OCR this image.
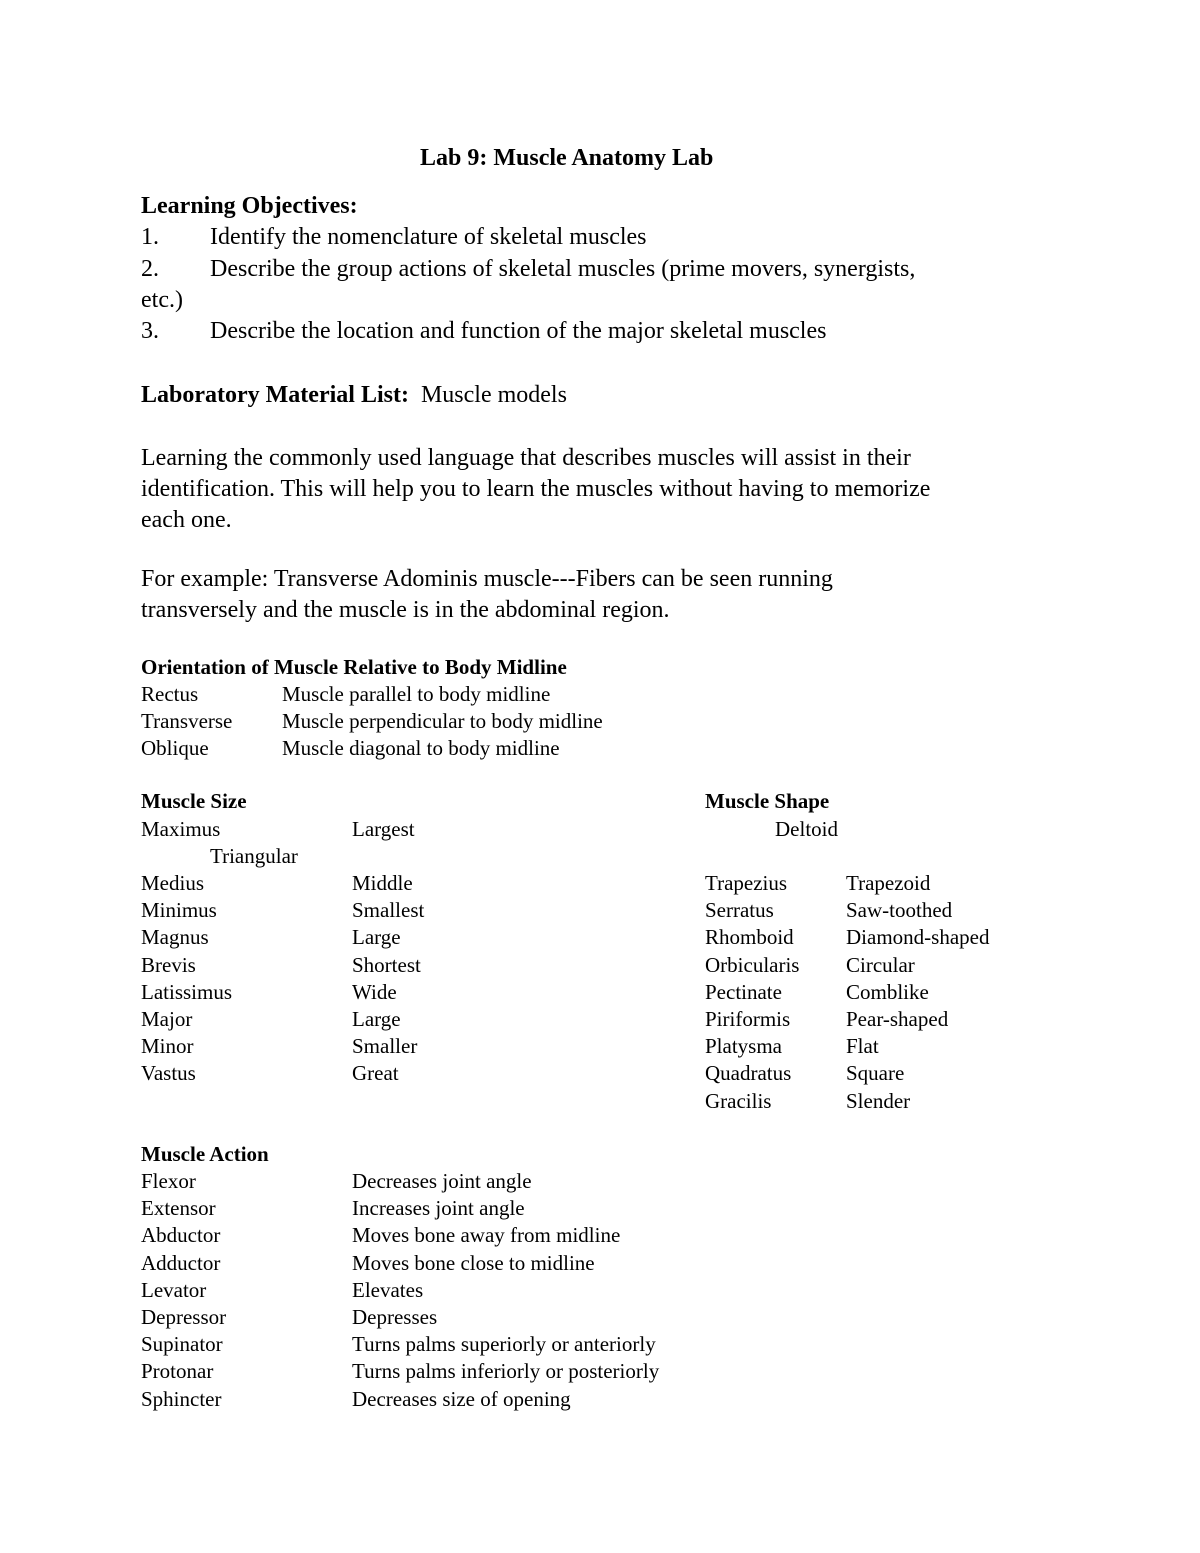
Lab 9: Muscle Anatomy Lab
Learning Objectives:
1. Identify the nomenclature of skeletal muscles
2. Describe the group actions of skeletal muscles (prime movers, synergists,
etc.)
3. Describe the location and function of the major skeletal muscles
Laboratory Material List: Muscle models
Learning the commonly used language that describes muscles will assist in their
identification. This will help you to learn the muscles without having to memorize
each one.
For example: Transverse Adominis muscle---Fibers can be seen running
transversely and the muscle is in the abdominal region.
Orientation of Muscle Relative to Body Midline
Rectus	Muscle parallel to body midline
Transverse Muscle perpendicular to body midline
Oblique	Muscle diagonal to body midline
Muscle Size
Maximus	Largest
Medius	Middle
Minimus	Smallest
Magnus	Large
Brevis	Shortest
Latissimus	Wide
Major	Large
Minor	Smaller
Vastus	Great
Muscle Shape
Deltoid
Triangular
Trapezius	Trapezoid
Serratus	Saw-toothed
Rhomboid Diamond-shaped
Orbicularis Circular
Pectinate	Comblike
Piriformis	Pear-shaped
Platysma	Flat
Quadratus	Square
Gracilis	Slender
Muscle Action
Flexor	Decreases joint angle
Extensor	Increases joint angle
Abductor	Moves bone away from midline
Adductor	Moves bone close to midline
Levator	Elevates
Depressor	Depresses
Supinator	Turns palms superiorly or anteriorly
Protonar	Turns palms inferiorly or posteriorly
Sphincter	Decreases size of opening
